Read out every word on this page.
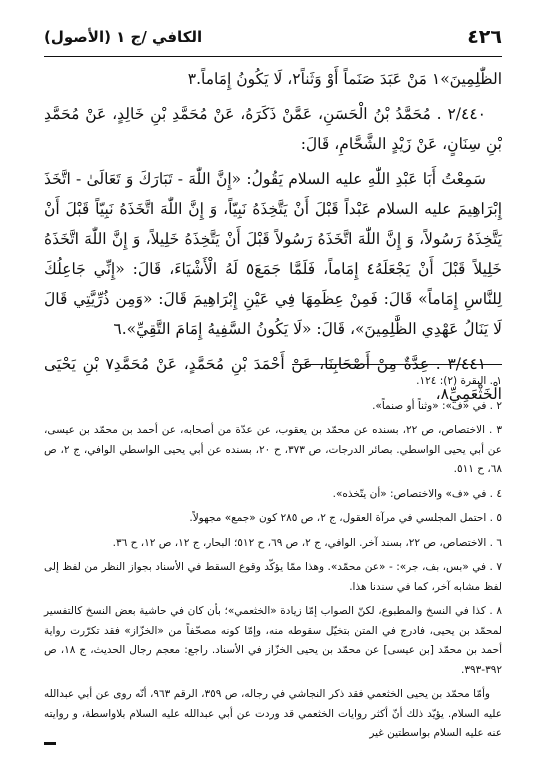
٤٢٦
الكافي /ج ١ (الأصول)

الظّٰلِمِينَ»١ مَنْ عَبَدَ صَنَماً أَوْ وَثَناً٢، لَا يَكُونُ إِمَاماً.٣

٢/٤٤٠ . مُحَمَّدُ بْنُ الْحَسَنِ، عَمَّنْ ذَكَرَهُ، عَنْ مُحَمَّدِ بْنِ خَالِدٍ، عَنْ مُحَمَّدِ بْنِ سِنَانٍ، عَنْ زَيْدٍ الشَّحَّامِ، قَالَ:

سَمِعْتُ أَبَا عَبْدِ اللّٰهِ عليه السلام يَقُولُ: «إِنَّ اللّٰهَ - تَبَارَكَ وَ تَعَالَىٰ - اتَّخَذَ إِبْرَاهِيمَ عليه السلام عَبْداً قَبْلَ أَنْ يَتَّخِذَهُ نَبِيّاً، وَ إِنَّ اللّٰهَ اتَّخَذَهُ نَبِيّاً قَبْلَ أَنْ يَتَّخِذَهُ رَسُولاً، وَ إِنَّ اللّٰهَ اتَّخَذَهُ رَسُولاً قَبْلَ أَنْ يَتَّخِذَهُ خَلِيلاً، وَ إِنَّ اللّٰهَ اتَّخَذَهُ خَلِيلاً قَبْلَ أَنْ يَجْعَلَهُ٤ إِمَاماً، فَلَمَّا جَمَعَ٥ لَهُ الْأَشْيَاءَ، قَالَ: «إِنِّي جَاعِلُكَ لِلنَّاسِ إِمَاماً» قَالَ: فَمِنْ عِظَمِهَا فِي عَيْنِ إِبْرَاهِيمَ قَالَ: «وَمِن ذُرِّيَّتِي قَالَ لَا يَنَالُ عَهْدِي الظَّٰلِمِينَ»، قَالَ: «لَا يَكُونُ السَّفِيهُ إِمَامَ التَّقِيِّ».٦

٣/٤٤١ . عِدَّةٌ مِنْ أَصْحَابِنَا، عَنْ أَحْمَدَ بْنِ مُحَمَّدٍ، عَنْ مُحَمَّدِ٧ بْنِ يَحْيَى الْخَثْعَمِيِّ٨،

١ . البقرة (٢): ١٢٤.

٢ . في «ف»: «وثناً أو صنماً».

٣ . الاختصاص، ص ٢٢، بسنده عن محمّد بن يعقوب، عن عدّة من أصحابه، عن أحمد بن محمّد بن عيسى، عن أبي يحيى الواسطي. بصائر الدرجات، ص ٣٧٣، ح ٢٠، بسنده عن أبي يحيى الواسطي الوافي، ج ٢، ص ٦٨، ح ٥١١.

٤ . في «ف» والاختصاص: «أن يتّخذه».

٥ . احتمل المجلسي في مرآة العقول، ج ٢، ص ٢٨٥ كون «جمع» مجهولاً.

٦ . الاختصاص، ص ٢٢، بسند آخر. الوافي، ج ٢، ص ٦٩، ح ٥١٢؛ البحار، ج ١٢، ص ١٢، ح ٣٦.

٧ . في «بس، بف، جر»: - «عن محمّد». وهذا ممّا يؤكّد وقوع السقط في الأسناد بجواز النظر من لفظ إلى لفظ مشابه آخر، كما في سندنا هذا.

٨ . كذا في النسخ والمطبوع، لكنّ الصواب إمّا زيادة «الخثعمي»؛ بأن كان في حاشية بعض النسخ كالتفسير لمحمّد بن يحيى، فادرج في المتن بتخيّل سقوطه منه، وإمّا كونه مصحّفاً من «الخزّاز» فقد تكرّرت رواية أحمد بن محمّد [بن عيسى] عن محمّد بن يحيى الخزّاز في الأسناد. راجع: معجم رجال الحديث، ج ١٨، ص ٣٩٢-٣٩٣.

وأمّا محمّد بن يحيى الخثعمي فقد ذكر النجاشي في رجاله، ص ٣٥٩، الرقم ٩٦٣، أنّه روى عن أبي عبدالله عليه السلام. يؤيّد ذلك أنّ أكثر روايات الخثعمي قد وردت عن أبي عبدالله عليه السلام بلاواسطة، و روايته عنه عليه السلام بواسطتين غير
